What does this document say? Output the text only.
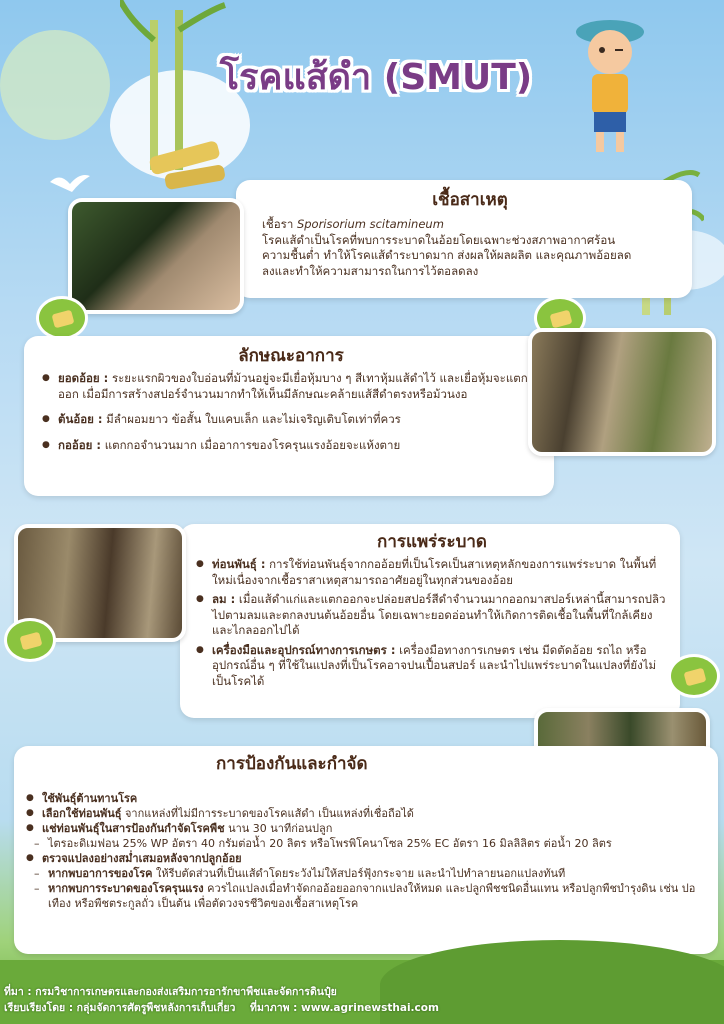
โรคแส้ดำ (SMUT)
เชื้อสาเหตุ
เชื้อรา Sporisorium scitamineum
โรคแส้ดำเป็นโรคที่พบการระบาดในอ้อยโดยเฉพาะช่วงสภาพอากาศร้อนความชื้นต่ำ ทำให้โรคแส้ดำระบาดมาก ส่งผลให้ผลผลิต และคุณภาพอ้อยลดลงและทำให้ความสามารถในการไว้ตอลดลง
ลักษณะอาการ
● ยอดอ้อย : ระยะแรกผิวของใบอ่อนที่ม้วนอยู่จะมีเยื่อหุ้มบาง ๆ สีเทาหุ้มแส้ดำไว้ และเยื่อหุ้มจะแตกออก เมื่อมีการสร้างสปอร์จำนวนมากทำให้เห็นมีลักษณะคล้ายแส้สีดำตรงหรือม้วนงอ
● ต้นอ้อย : มีลำผอมยาว ข้อสั้น ใบแคบเล็ก และไม่เจริญเติบโตเท่าที่ควร
● กออ้อย : แตกกอจำนวนมาก เมื่ออาการของโรครุนแรงอ้อยจะแห้งตาย
การแพร่ระบาด
● ท่อนพันธุ์ : การใช้ท่อนพันธุ์จากกออ้อยที่เป็นโรคเป็นสาเหตุหลักของการแพร่ระบาด ในพื้นที่ใหม่เนื่องจากเชื้อราสาเหตุสามารถอาศัยอยู่ในทุกส่วนของอ้อย
● ลม : เมื่อแส้ดำแก่และแตกออกจะปล่อยสปอร์สีดำจำนวนมากออกมาสปอร์เหล่านี้สามารถปลิวไปตามลมและตกลงบนต้นอ้อยอื่น โดยเฉพาะยอดอ่อนทำให้เกิดการติดเชื้อในพื้นที่ใกล้เคียงและไกลออกไปได้
● เครื่องมือและอุปกรณ์ทางการเกษตร : เครื่องมือทางการเกษตร เช่น มีดตัดอ้อย รถไถ หรืออุปกรณ์อื่น ๆ ที่ใช้ในแปลงที่เป็นโรคอาจปนเปื้อนสปอร์ และนำไปแพร่ระบาดในแปลงที่ยังไม่เป็นโรคได้
การป้องกันและกำจัด
● ใช้พันธุ์ต้านทานโรค
● เลือกใช้ท่อนพันธุ์ จากแหล่งที่ไม่มีการระบาดของโรคแส้ดำ เป็นแหล่งที่เชื่อถือได้
● แช่ท่อนพันธุ์ในสารป้องกันกำจัดโรคพืช นาน 30 นาทีก่อนปลูก
– ไตรอะดิเมฟอน 25% WP อัตรา 40 กรัมต่อน้ำ 20 ลิตร หรือโพรพิโคนาโซล 25% EC อัตรา 16 มิลลิลิตร ต่อน้ำ 20 ลิตร
● ตรวจแปลงอย่างสม่ำเสมอหลังจากปลูกอ้อย
– หากพบอาการของโรค ให้รีบตัดส่วนที่เป็นแส้ดำโดยระวังไม่ให้สปอร์ฟุ้งกระจาย และนำไปทำลายนอกแปลงทันที
– หากพบการระบาดของโรครุนแรง ควรไถแปลงเมื่อทำจัดกออ้อยออกจากแปลงให้หมด และปลูกพืชชนิดอื่นแทน หรือปลูกพืชบำรุงดิน เช่น ปอเทือง หรือพืชตระกูลถั่ว เป็นต้น เพื่อตัดวงจรชีวิตของเชื้อสาเหตุโรค
ที่มา : กรมวิชาการเกษตรและกองส่งเสริมการอารักขาพืชและจัดการดินปุ๋ย
เรียบเรียงโดย : กลุ่มจัดการศัตรูพืชหลังการเก็บเกี่ยว ที่มาภาพ : www.agrinewsthai.com
